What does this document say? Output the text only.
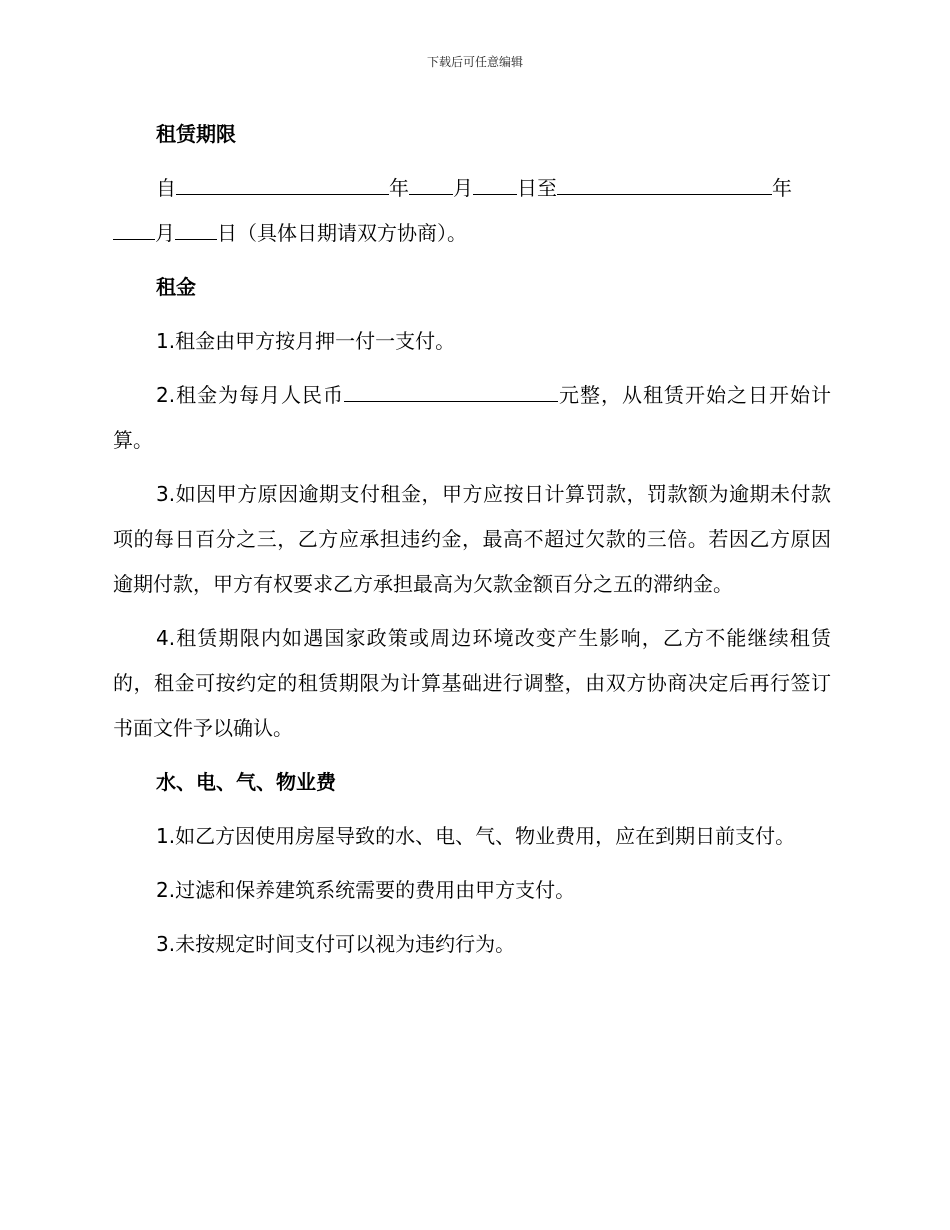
下载后可任意编辑
租赁期限
自	年 月 日至	年
月 日（具体日期请双方协商）。
租金
1.租金由甲方按月押一付一支付。
2.租金为每月人民币	元整，从租赁开始之日开始计算。
3.如因甲方原因逾期支付租金，甲方应按日计算罚款，罚款额为逾期未付款项的每日百分之三，乙方应承担违约金，最高不超过欠款的三倍。若因乙方原因逾期付款，甲方有权要求乙方承担最高为欠款金额百分之五的滞纳金。
4.租赁期限内如遇国家政策或周边环境改变产生影响，乙方不能继续租赁的，租金可按约定的租赁期限为计算基础进行调整，由双方协商决定后再行签订书面文件予以确认。
水、电、气、物业费
1.如乙方因使用房屋导致的水、电、气、物业费用，应在到期日前支付。
2.过滤和保养建筑系统需要的费用由甲方支付。
3.未按规定时间支付可以视为违约行为。
